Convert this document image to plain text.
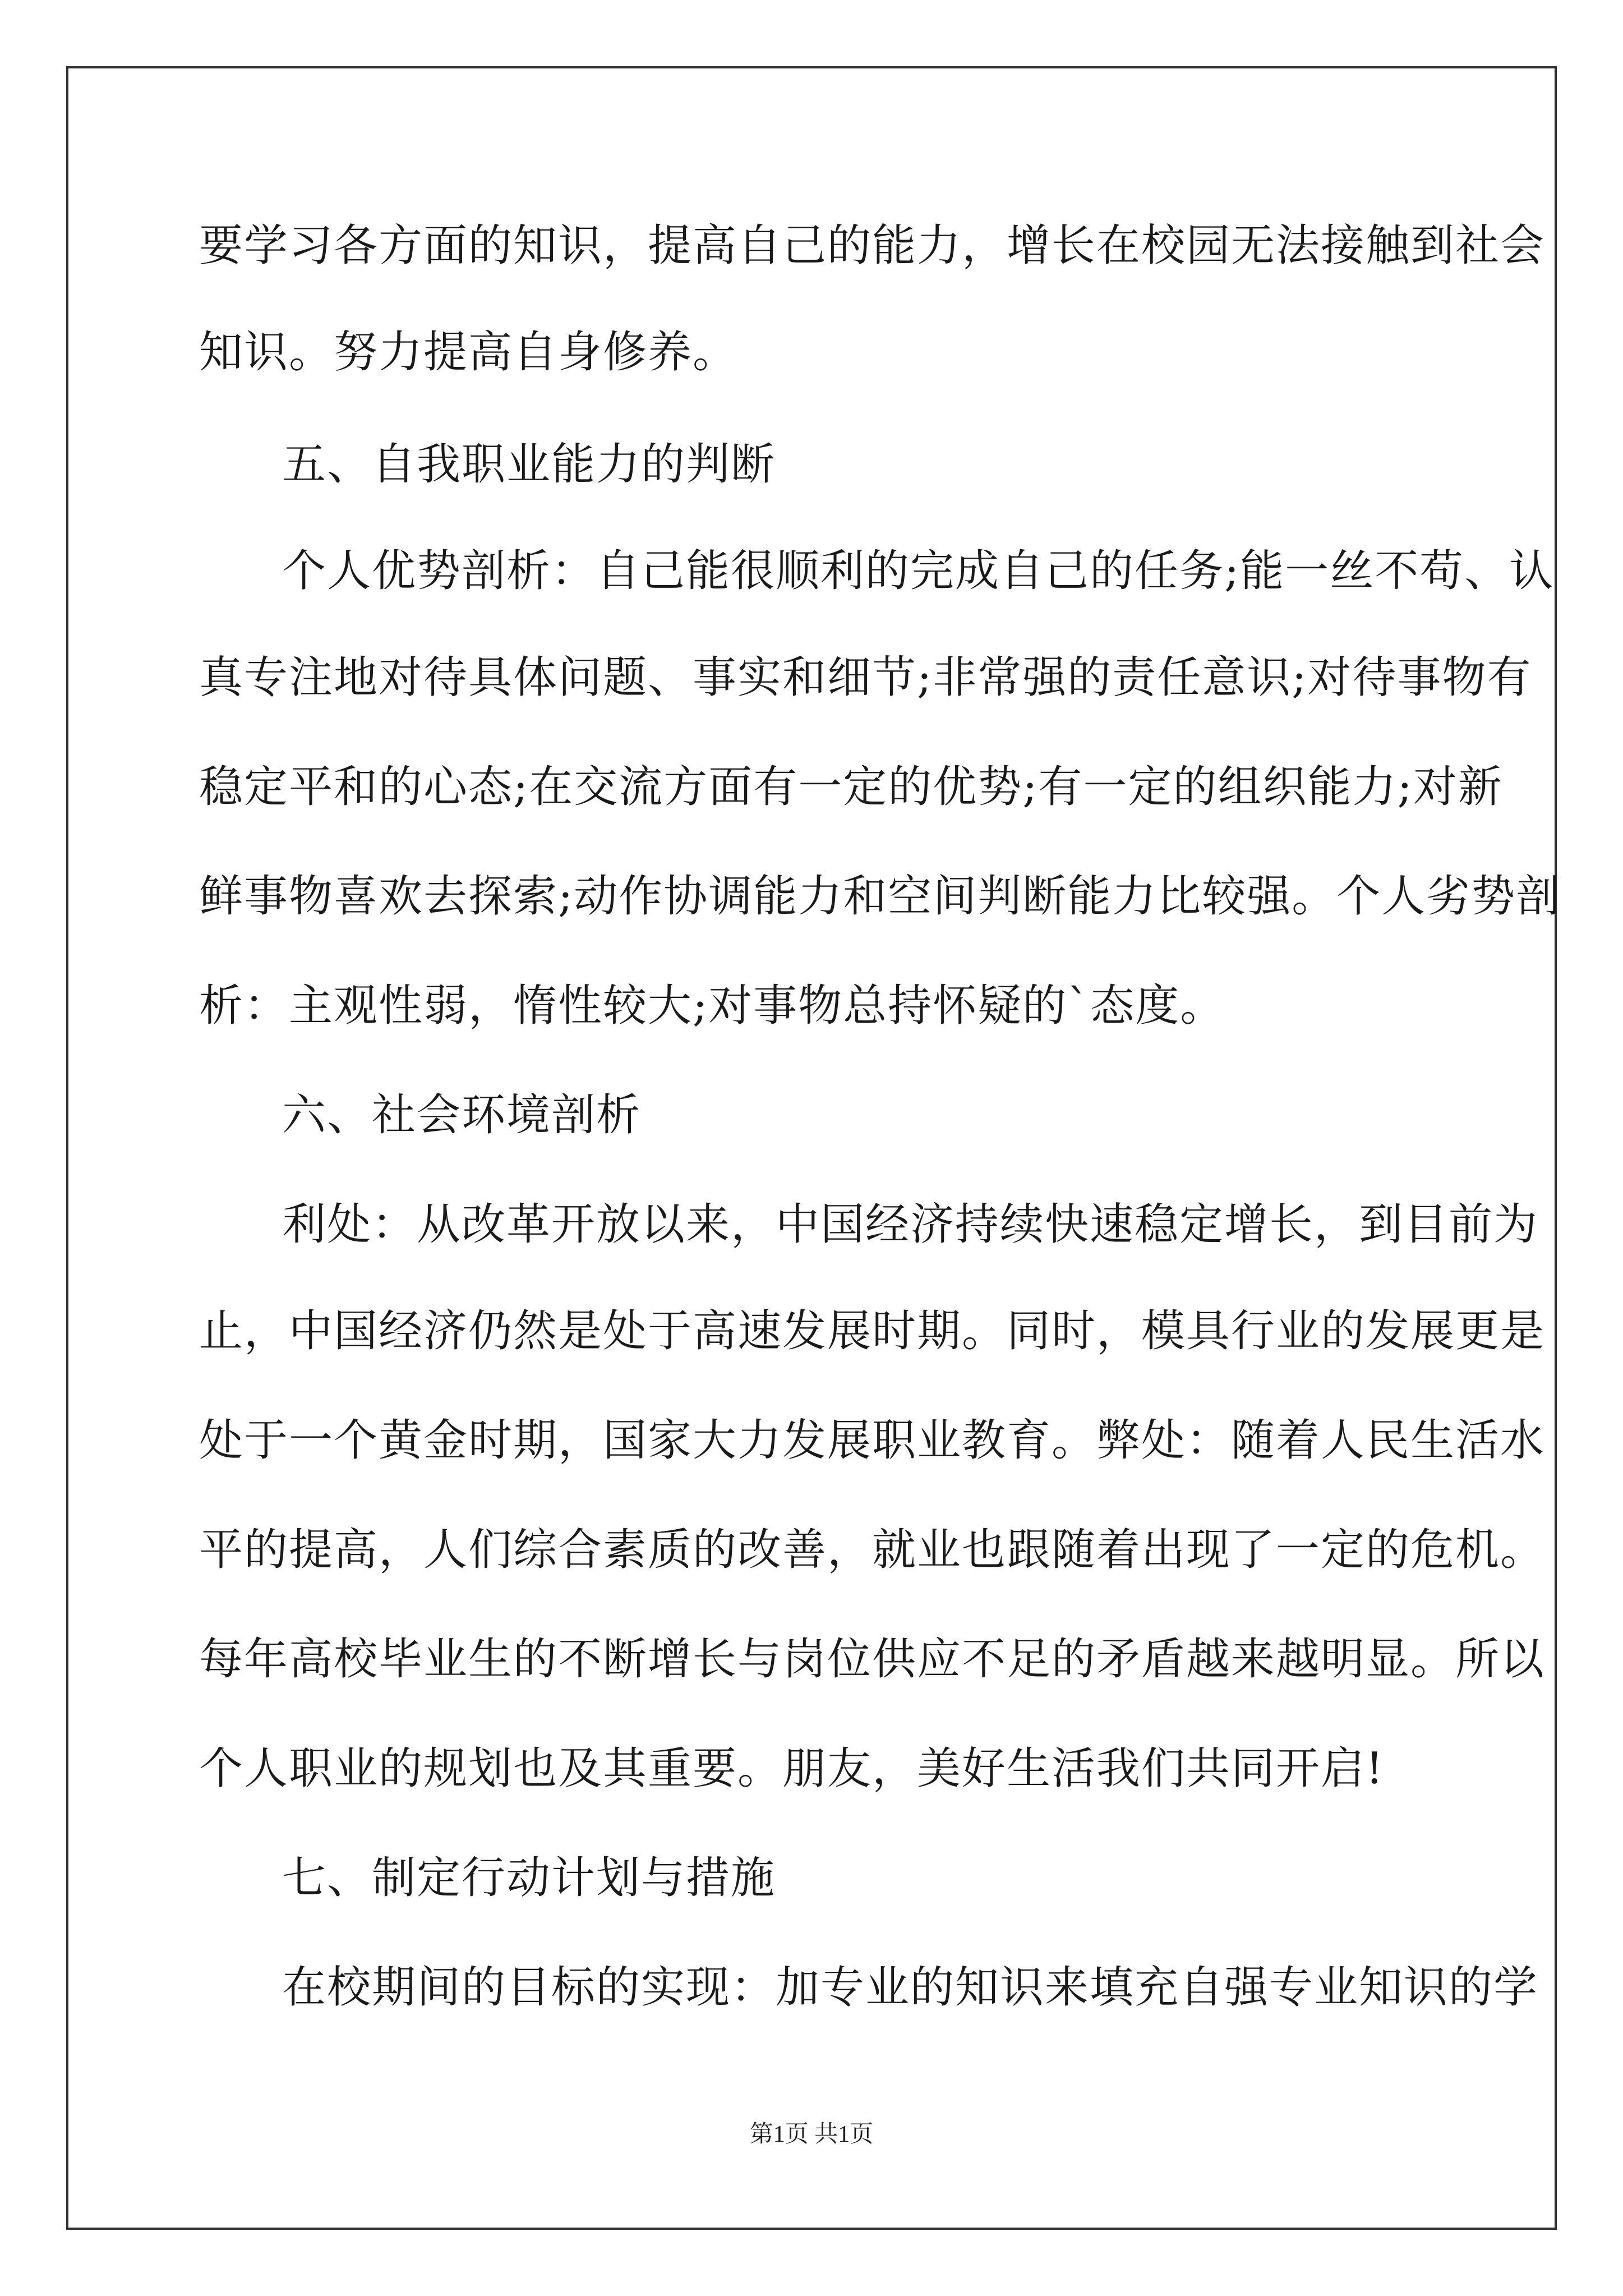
要学习各方面的知识，提高自己的能力，增长在校园无法接触到社会
知识。努力提高自身修养。
五、自我职业能力的判断
个人优势剖析：自己能很顺利的完成自己的任务;能一丝不苟、认
真专注地对待具体问题、事实和细节;非常强的责任意识;对待事物有
稳定平和的心态;在交流方面有一定的优势;有一定的组织能力;对新
鲜事物喜欢去探索;动作协调能力和空间判断能力比较强。个人劣势剖
析：主观性弱，惰性较大;对事物总持怀疑的`态度。
六、社会环境剖析
利处：从改革开放以来，中国经济持续快速稳定增长，到目前为
止，中国经济仍然是处于高速发展时期。同时，模具行业的发展更是
处于一个黄金时期，国家大力发展职业教育。弊处：随着人民生活水
平的提高，人们综合素质的改善，就业也跟随着出现了一定的危机。
每年高校毕业生的不断增长与岗位供应不足的矛盾越来越明显。所以
个人职业的规划也及其重要。朋友，美好生活我们共同开启!
七、制定行动计划与措施
在校期间的目标的实现：加专业的知识来填充自强专业知识的学
第1页 共1页
